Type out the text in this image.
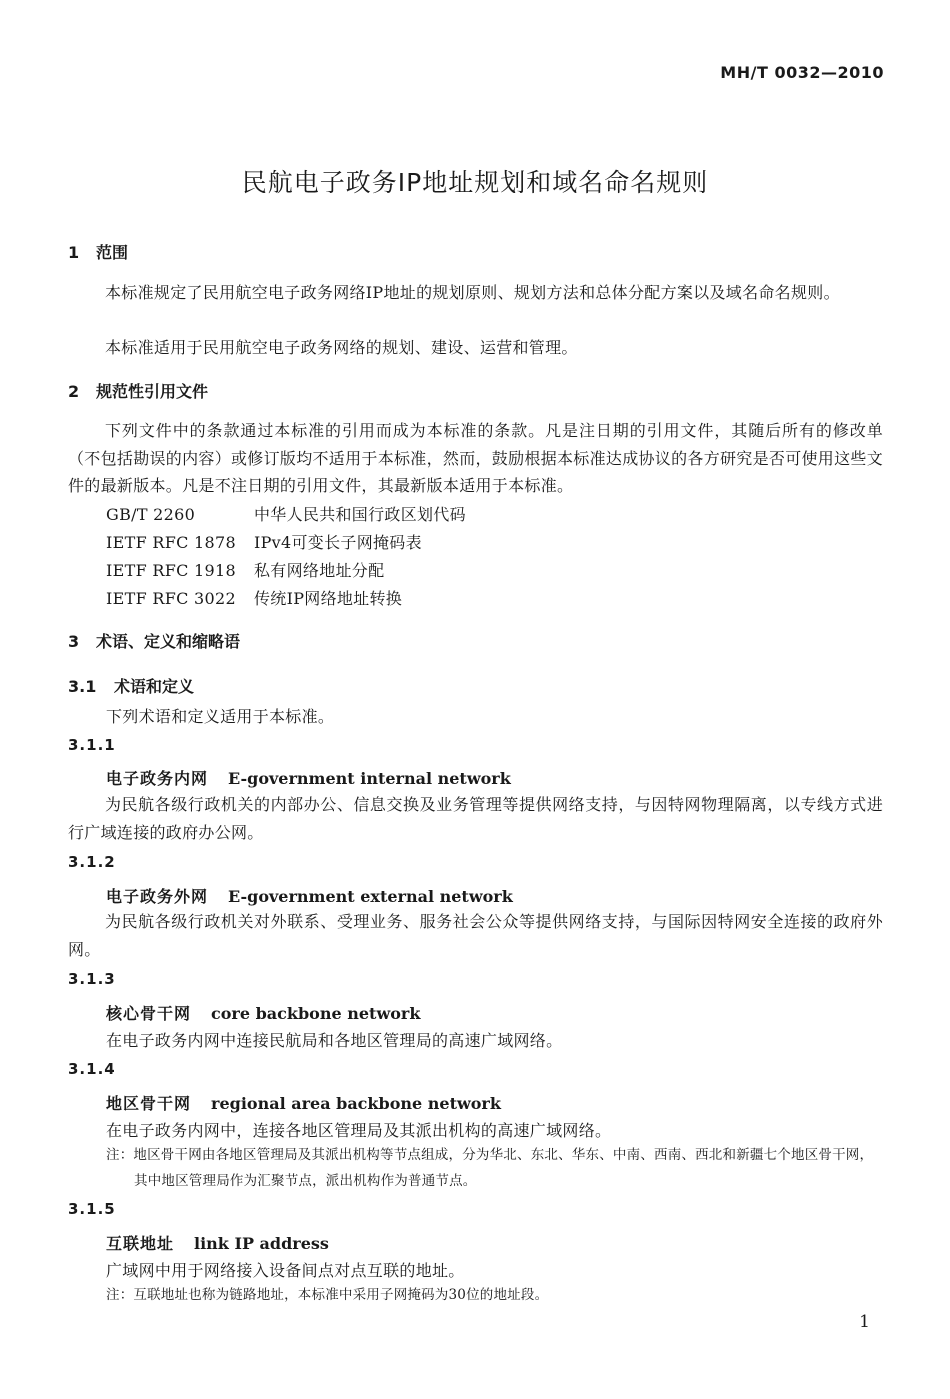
MH/T 0032—2010
民航电子政务IP地址规划和域名命名规则
1 范围
本标准规定了民用航空电子政务网络IP地址的规划原则、规划方法和总体分配方案以及域名命名规则。
本标准适用于民用航空电子政务网络的规划、建设、运营和管理。
2 规范性引用文件
下列文件中的条款通过本标准的引用而成为本标准的条款。凡是注日期的引用文件，其随后所有的修改单（不包括勘误的内容）或修订版均不适用于本标准，然而，鼓励根据本标准达成协议的各方研究是否可使用这些文件的最新版本。凡是不注日期的引用文件，其最新版本适用于本标准。
GB/T 2260	中华人民共和国行政区划代码
IETF RFC 1878 IPv4可变长子网掩码表
IETF RFC 1918 私有网络地址分配
IETF RFC 3022 传统IP网络地址转换
3 术语、定义和缩略语
3.1 术语和定义
下列术语和定义适用于本标准。
3.1.1
电子政务内网 E-government internal network
为民航各级行政机关的内部办公、信息交换及业务管理等提供网络支持，与因特网物理隔离，以专线方式进行广域连接的政府办公网。
3.1.2
电子政务外网 E-government external network
为民航各级行政机关对外联系、受理业务、服务社会公众等提供网络支持，与国际因特网安全连接的政府外网。
3.1.3
核心骨干网 core backbone network
在电子政务内网中连接民航局和各地区管理局的高速广域网络。
3.1.4
地区骨干网 regional area backbone network
在电子政务内网中，连接各地区管理局及其派出机构的高速广域网络。
注：地区骨干网由各地区管理局及其派出机构等节点组成，分为华北、东北、华东、中南、西南、西北和新疆七个地区骨干网，其中地区管理局作为汇聚节点，派出机构作为普通节点。
3.1.5
互联地址 link IP address
广域网中用于网络接入设备间点对点互联的地址。
注：互联地址也称为链路地址，本标准中采用子网掩码为30位的地址段。
1
